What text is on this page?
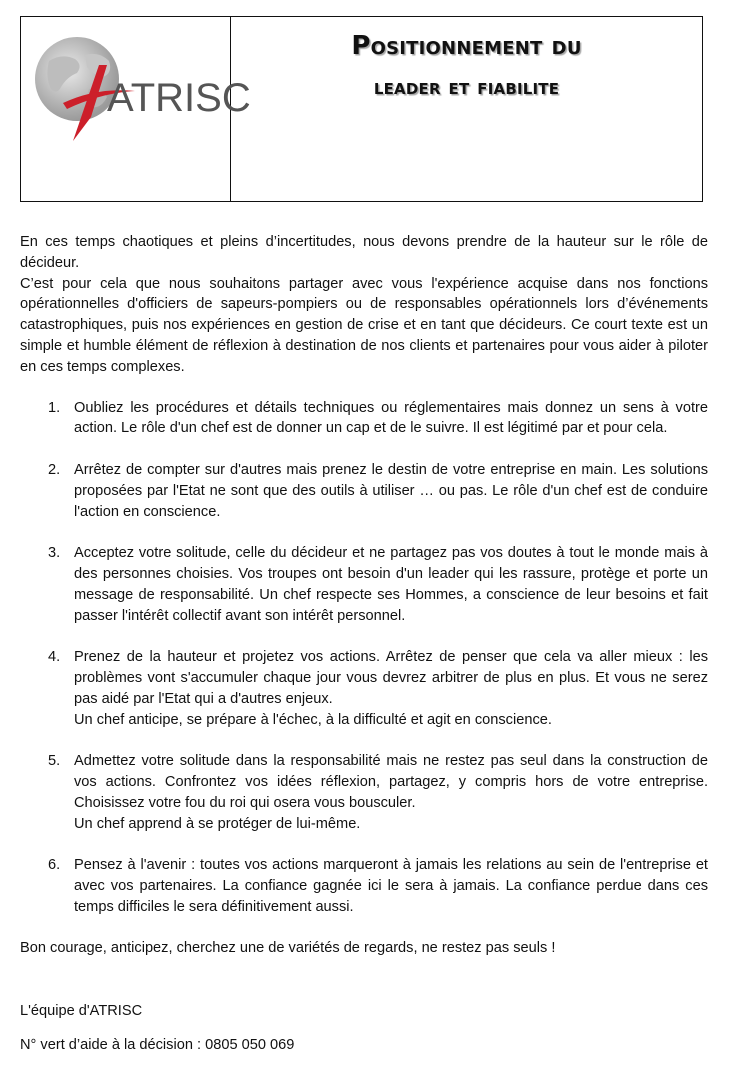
ATRISC
Positionnement du
leader et fiabilite

En ces temps chaotiques et pleins d’incertitudes, nous devons prendre de la hauteur sur le rôle de décideur.

C’est pour cela que nous souhaitons partager avec vous l'expérience acquise dans nos fonctions opérationnelles d'officiers de sapeurs-pompiers ou de responsables opérationnels lors d’événements catastrophiques, puis nos expériences en gestion de crise et en tant que décideurs. Ce court texte est un simple et humble élément de réflexion à destination de nos clients et partenaires pour vous aider à piloter en ces temps complexes.

1. Oubliez les procédures et détails techniques ou réglementaires mais donnez un sens à votre action. Le rôle d'un chef est de donner un cap et de le suivre. Il est légitimé par et pour cela.

2. Arrêtez de compter sur d'autres mais prenez le destin de votre entreprise en main. Les solutions proposées par l'Etat ne sont que des outils à utiliser … ou pas. Le rôle d'un chef est de conduire l'action en conscience.

3. Acceptez votre solitude, celle du décideur et ne partagez pas vos doutes à tout le monde mais à des personnes choisies. Vos troupes ont besoin d'un leader qui les rassure, protège et porte un message de responsabilité. Un chef respecte ses Hommes, a conscience de leur besoins et fait passer l'intérêt collectif avant son intérêt personnel.

4. Prenez de la hauteur et projetez vos actions. Arrêtez de penser que cela va aller mieux : les problèmes vont s'accumuler chaque jour vous devrez arbitrer de plus en plus. Et vous ne serez pas aidé par l'Etat qui a d'autres enjeux.

Un chef anticipe, se prépare à l'échec, à la difficulté et agit en conscience.

5. Admettez votre solitude dans la responsabilité mais ne restez pas seul dans la construction de vos actions. Confrontez vos idées réflexion, partagez, y compris hors de votre entreprise. Choisissez votre fou du roi qui osera vous bousculer.

Un chef apprend à se protéger de lui-même.

6. Pensez à l'avenir : toutes vos actions marqueront à jamais les relations au sein de l'entreprise et avec vos partenaires. La confiance gagnée ici le sera à jamais. La confiance perdue dans ces temps difficiles le sera définitivement aussi.

Bon courage, anticipez, cherchez une de variétés de regards, ne restez pas seuls !

L'équipe d'ATRISC

N° vert d’aide à la décision : 0805 050 069
